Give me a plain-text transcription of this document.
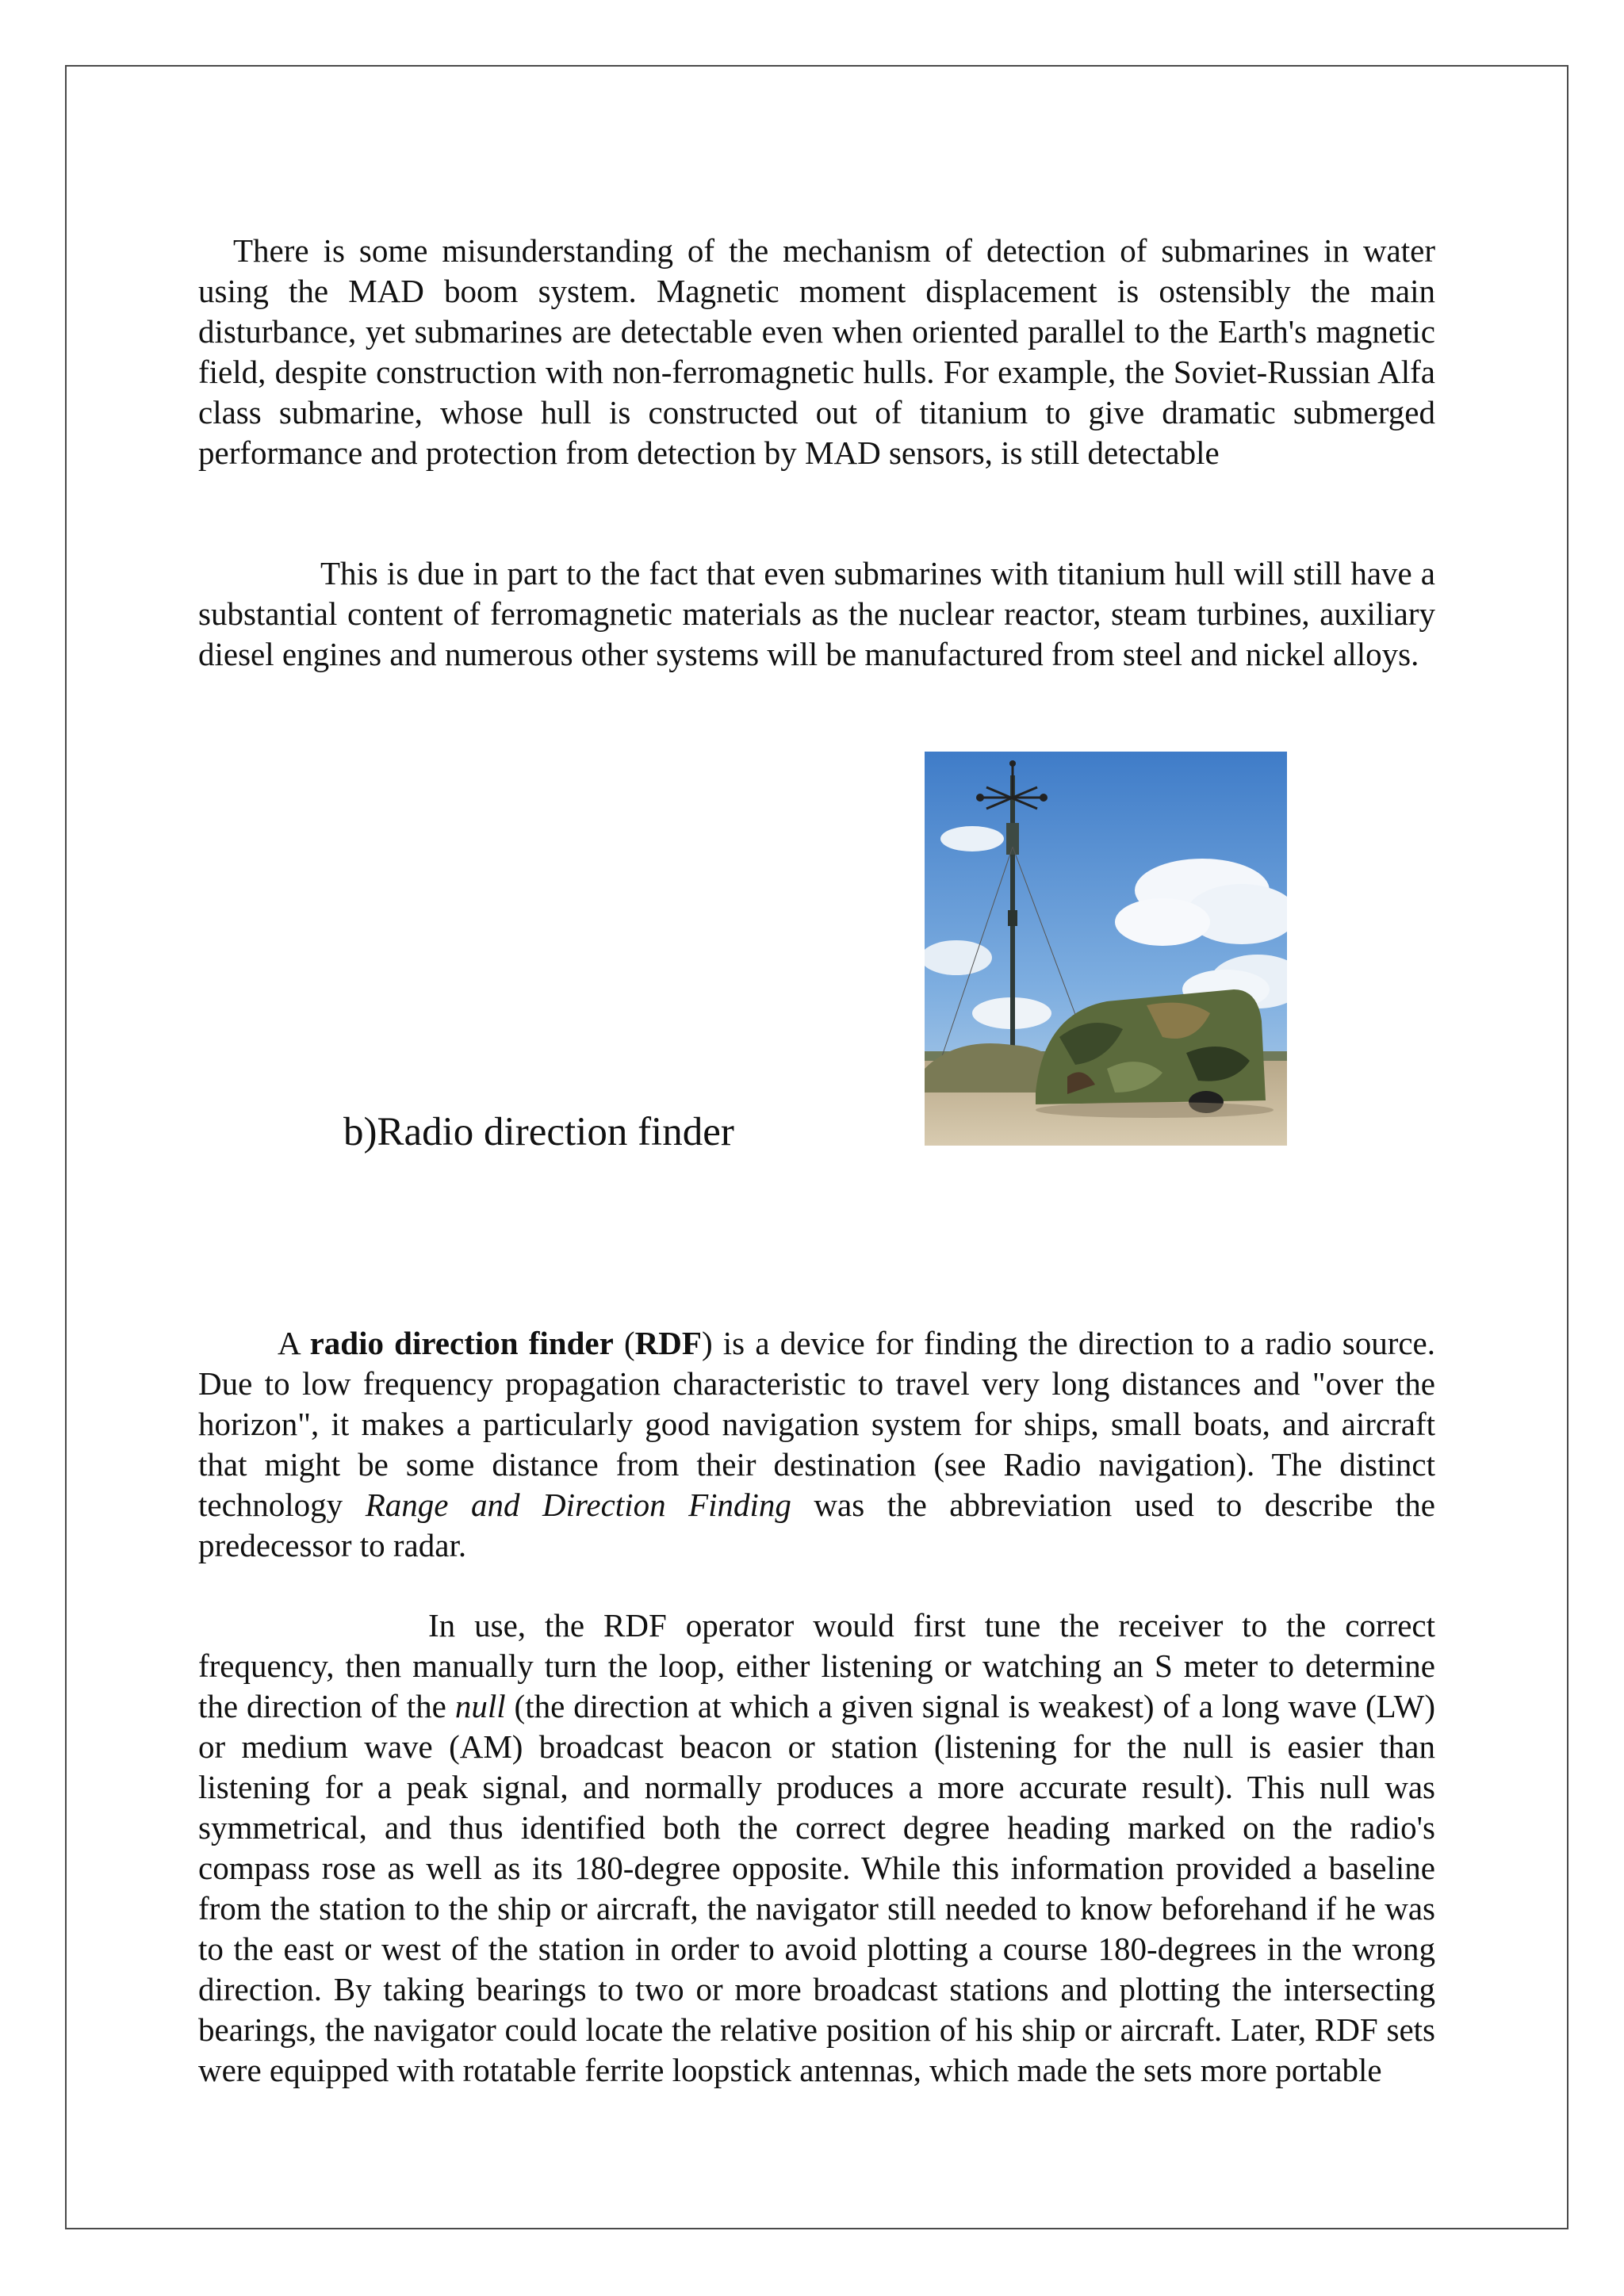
There is some misunderstanding of the mechanism of detection of submarines in water using the MAD boom system. Magnetic moment displacement is ostensibly the main disturbance, yet submarines are detectable even when oriented parallel to the Earth's magnetic field, despite construction with non-ferromagnetic hulls. For example, the Soviet-Russian Alfa class submarine, whose hull is constructed out of titanium to give dramatic submerged performance and protection from detection by MAD sensors, is still detectable

This is due in part to the fact that even submarines with titanium hull will still have a substantial content of ferromagnetic materials as the nuclear reactor, steam turbines, auxiliary diesel engines and numerous other systems will be manufactured from steel and nickel alloys.

b)Radio direction finder

A radio direction finder (RDF) is a device for finding the direction to a radio source. Due to low frequency propagation characteristic to travel very long distances and "over the horizon", it makes a particularly good navigation system for ships, small boats, and aircraft that might be some distance from their destination (see Radio navigation). The distinct technology Range and Direction Finding was the abbreviation used to describe the predecessor to radar.

In use, the RDF operator would first tune the receiver to the correct frequency, then manually turn the loop, either listening or watching an S meter to determine the direction of the null (the direction at which a given signal is weakest) of a long wave (LW) or medium wave (AM) broadcast beacon or station (listening for the null is easier than listening for a peak signal, and normally produces a more accurate result). This null was symmetrical, and thus identified both the correct degree heading marked on the radio's compass rose as well as its 180-degree opposite. While this information provided a baseline from the station to the ship or aircraft, the navigator still needed to know beforehand if he was to the east or west of the station in order to avoid plotting a course 180-degrees in the wrong direction. By taking bearings to two or more broadcast stations and plotting the intersecting bearings, the navigator could locate the relative position of his ship or aircraft. Later, RDF sets were equipped with rotatable ferrite loopstick antennas, which made the sets more portable
